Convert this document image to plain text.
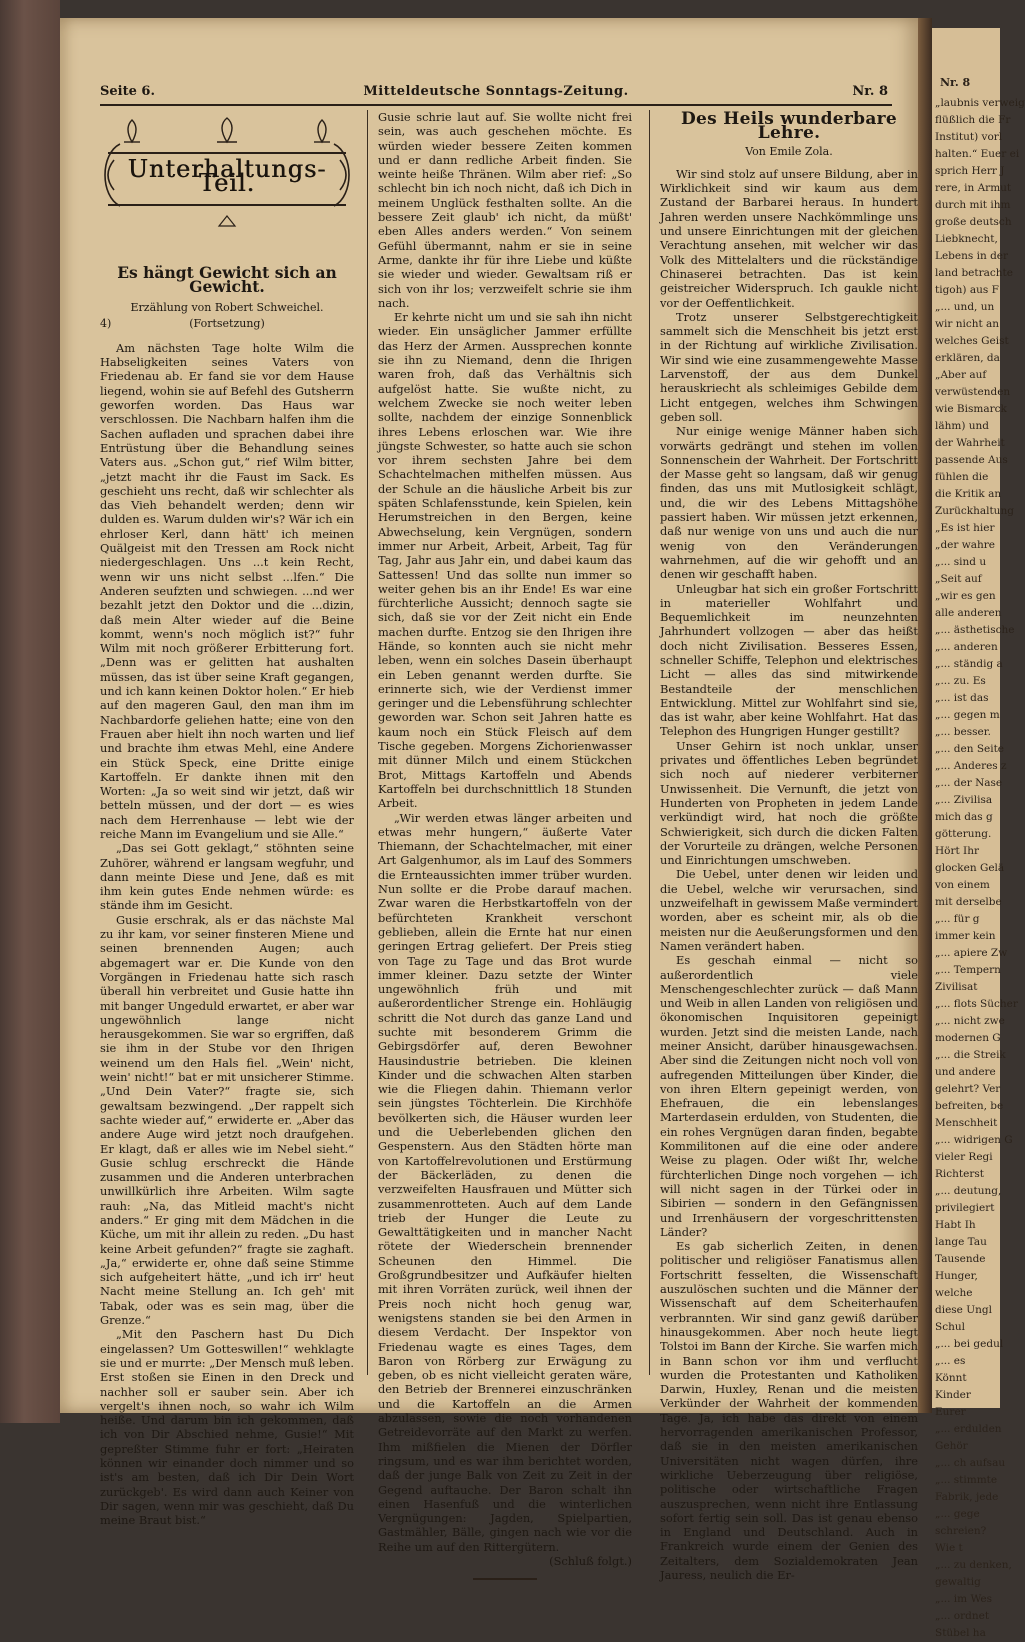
Seite 6.	Mitteldeutsche Sonntags-Zeitung.	Nr. 8
Unterhaltungs-Teil.
Es hängt Gewicht sich an Gewicht.
Erzählung von Robert Schweichel.
4)	(Fortsetzung)

Am nächsten Tage holte Wilm die Habseligkeiten seines Vaters von Friedenau ab. Er fand sie vor dem Hause liegend, wohin sie auf Befehl des Gutsherrn geworfen worden. Das Haus war verschlossen. Die Nachbarn halfen ihm die Sachen aufladen und sprachen dabei ihre Entrüstung über die Behandlung seines Vaters aus. „Schon gut,“ rief Wilm bitter, „jetzt macht ihr die Faust im Sack. Es geschieht uns recht, daß wir schlechter als das Vieh behandelt werden; denn wir dulden es. Warum dulden wir's? Wär ich ein ehrloser Kerl, dann hätt' ich meinen Quälgeist mit den Tressen am Rock nicht niedergeschlagen. Uns ...t kein Recht, wenn wir uns nicht selbst ...lfen.“ Die Anderen seufzten und schwiegen. ...nd wer bezahlt jetzt den Doktor und die ...dizin, daß mein Alter wieder auf die Beine kommt, wenn's noch möglich ist?“ fuhr Wilm mit noch größerer Erbitterung fort. „Denn was er gelitten hat aushalten müssen, das ist über seine Kraft gegangen, und ich kann keinen Doktor holen.“ Er hieb auf den mageren Gaul, den man ihm im Nachbardorfe geliehen hatte; eine von den Frauen aber hielt ihn noch warten und lief und brachte ihm etwas Mehl, eine Andere ein Stück Speck, eine Dritte einige Kartoffeln. Er dankte ihnen mit den Worten: „Ja so weit sind wir jetzt, daß wir betteln müssen, und der dort — es wies nach dem Herrenhause — lebt wie der reiche Mann im Evangelium und sie Alle.“

„Das sei Gott geklagt,“ stöhnten seine Zuhörer, während er langsam wegfuhr, und dann meinte Diese und Jene, daß es mit ihm kein gutes Ende nehmen würde: es stände ihm im Gesicht.

Gusie erschrak, als er das nächste Mal zu ihr kam, vor seiner finsteren Miene und seinen brennenden Augen; auch abgemagert war er. Die Kunde von den Vorgängen in Friedenau hatte sich rasch überall hin verbreitet und Gusie hatte ihn mit banger Ungeduld erwartet, er aber war ungewöhnlich lange nicht herausgekommen. Sie war so ergriffen, daß sie ihm in der Stube vor den Ihrigen weinend um den Hals fiel. „Wein' nicht, wein' nicht!“ bat er mit unsicherer Stimme. „Und Dein Vater?“ fragte sie, sich gewaltsam bezwingend. „Der rappelt sich sachte wieder auf,“ erwiderte er. „Aber das andere Auge wird jetzt noch draufgehen. Er klagt, daß er alles wie im Nebel sieht.“ Gusie schlug erschreckt die Hände zusammen und die Anderen unterbrachen unwillkürlich ihre Arbeiten. Wilm sagte rauh: „Na, das Mitleid macht's nicht anders.“ Er ging mit dem Mädchen in die Küche, um mit ihr allein zu reden. „Du hast keine Arbeit gefunden?“ fragte sie zaghaft. „Ja,“ erwiderte er, ohne daß seine Stimme sich aufgeheitert hätte, „und ich irr' heut Nacht meine Stellung an. Ich geh' mit Tabak, oder was es sein mag, über die Grenze.“

„Mit den Paschern hast Du Dich eingelassen? Um Gotteswillen!“ wehklagte sie und er murrte: „Der Mensch muß leben. Erst stoßen sie Einen in den Dreck und nachher soll er sauber sein. Aber ich vergelt's ihnen noch, so wahr ich Wilm heiße. Und darum bin ich gekommen, daß ich von Dir Abschied nehme, Gusie!“ Mit gepreßter Stimme fuhr er fort: „Heiraten können wir einander doch nimmer und so ist's am besten, daß ich Dir Dein Wort zurückgeb'. Es wird dann auch Keiner von Dir sagen, wenn mir was geschieht, daß Du meine Braut bist.“

Gusie schrie laut auf. Sie wollte nicht frei sein, was auch geschehen möchte. Es würden wieder bessere Zeiten kommen und er dann redliche Arbeit finden. Sie weinte heiße Thränen. Wilm aber rief: „So schlecht bin ich noch nicht, daß ich Dich in meinem Unglück festhalten sollte. An die bessere Zeit glaub' ich nicht, da müßt' eben Alles anders werden.“ Von seinem Gefühl übermannt, nahm er sie in seine Arme, dankte ihr für ihre Liebe und küßte sie wieder und wieder. Gewaltsam riß er sich von ihr los; verzweifelt schrie sie ihm nach.

Er kehrte nicht um und sie sah ihn nicht wieder. Ein unsäglicher Jammer erfüllte das Herz der Armen. Aussprechen konnte sie ihn zu Niemand, denn die Ihrigen waren froh, daß das Verhältnis sich aufgelöst hatte. Sie wußte nicht, zu welchem Zwecke sie noch weiter leben sollte, nachdem der einzige Sonnenblick ihres Lebens erloschen war. Wie ihre jüngste Schwester, so hatte auch sie schon vor ihrem sechsten Jahre bei dem Schachtelmachen mithelfen müssen. Aus der Schule an die häusliche Arbeit bis zur späten Schlafensstunde, kein Spielen, kein Herumstreichen in den Bergen, keine Abwechselung, kein Vergnügen, sondern immer nur Arbeit, Arbeit, Arbeit, Tag für Tag, Jahr aus Jahr ein, und dabei kaum das Sattessen! Und das sollte nun immer so weiter gehen bis an ihr Ende! Es war eine fürchterliche Aussicht; dennoch sagte sie sich, daß sie vor der Zeit nicht ein Ende machen durfte. Entzog sie den Ihrigen ihre Hände, so konnten auch sie nicht mehr leben, wenn ein solches Dasein überhaupt ein Leben genannt werden durfte. Sie erinnerte sich, wie der Verdienst immer geringer und die Lebensführung schlechter geworden war. Schon seit Jahren hatte es kaum noch ein Stück Fleisch auf dem Tische gegeben. Morgens Zichorienwasser mit dünner Milch und einem Stückchen Brot, Mittags Kartoffeln und Abends Kartoffeln bei durchschnittlich 18 Stunden Arbeit.

„Wir werden etwas länger arbeiten und etwas mehr hungern,“ äußerte Vater Thiemann, der Schachtelmacher, mit einer Art Galgenhumor, als im Lauf des Sommers die Ernteaussichten immer trüber wurden. Nun sollte er die Probe darauf machen. Zwar waren die Herbstkartoffeln von der befürchteten Krankheit verschont geblieben, allein die Ernte hat nur einen geringen Ertrag geliefert. Der Preis stieg von Tage zu Tage und das Brot wurde immer kleiner. Dazu setzte der Winter ungewöhnlich früh und mit außerordentlicher Strenge ein. Hohläugig schritt die Not durch das ganze Land und suchte mit besonderem Grimm die Gebirgsdörfer auf, deren Bewohner Hausindustrie betrieben. Die kleinen Kinder und die schwachen Alten starben wie die Fliegen dahin. Thiemann verlor sein jüngstes Töchterlein. Die Kirchhöfe bevölkerten sich, die Häuser wurden leer und die Ueberlebenden glichen den Gespenstern. Aus den Städten hörte man von Kartoffelrevolutionen und Erstürmung der Bäckerläden, zu denen die verzweifelten Hausfrauen und Mütter sich zusammenrotteten. Auch auf dem Lande trieb der Hunger die Leute zu Gewalttätigkeiten und in mancher Nacht rötete der Wiederschein brennender Scheunen den Himmel. Die Großgrundbesitzer und Aufkäufer hielten mit ihren Vorräten zurück, weil ihnen der Preis noch nicht hoch genug war, wenigstens standen sie bei den Armen in diesem Verdacht. Der Inspektor von Friedenau wagte es eines Tages, dem Baron von Rörberg zur Erwägung zu geben, ob es nicht vielleicht geraten wäre, den Betrieb der Brennerei einzuschränken und die Kartoffeln an die Armen abzulassen, sowie die noch vorhandenen Getreidevorräte auf den Markt zu werfen. Ihm mißfielen die Mienen der Dörfler ringsum, und es war ihm berichtet worden, daß der junge Balk von Zeit zu Zeit in der Gegend auftauche. Der Baron schalt ihn einen Hasenfuß und die winterlichen Vergnügungen: Jagden, Spielpartien, Gastmähler, Bälle, gingen nach wie vor die Reihe um auf den Rittergütern.

(Schluß folgt.)
Des Heils wunderbare Lehre.
Von Emile Zola.

Wir sind stolz auf unsere Bildung, aber in Wirklichkeit sind wir kaum aus dem Zustand der Barbarei heraus. In hundert Jahren werden unsere Nachkömmlinge uns und unsere Einrichtungen mit der gleichen Verachtung ansehen, mit welcher wir das Volk des Mittelalters und die rückständige Chinaserei betrachten. Das ist kein geistreicher Widerspruch. Ich gaukle nicht vor der Oeffentlichkeit.

Trotz unserer Selbstgerechtigkeit sammelt sich die Menschheit bis jetzt erst in der Richtung auf wirkliche Zivilisation. Wir sind wie eine zusammengewehte Masse Larvenstoff, der aus dem Dunkel herauskriecht als schleimiges Gebilde dem Licht entgegen, welches ihm Schwingen geben soll.

Nur einige wenige Männer haben sich vorwärts gedrängt und stehen im vollen Sonnenschein der Wahrheit. Der Fortschritt der Masse geht so langsam, daß wir genug finden, das uns mit Mutlosigkeit schlägt, und, die wir des Lebens Mittagshöhe passiert haben. Wir müssen jetzt erkennen, daß nur wenige von uns und auch die nur wenig von den Veränderungen wahrnehmen, auf die wir gehofft und an denen wir geschafft haben.

Unleugbar hat sich ein großer Fortschritt in materieller Wohlfahrt und Bequemlichkeit im neunzehnten Jahrhundert vollzogen — aber das heißt doch nicht Zivilisation. Besseres Essen, schneller Schiffe, Telephon und elektrisches Licht — alles das sind mitwirkende Bestandteile der menschlichen Entwicklung. Mittel zur Wohlfahrt sind sie, das ist wahr, aber keine Wohlfahrt. Hat das Telephon des Hungrigen Hunger gestillt?

Unser Gehirn ist noch unklar, unser privates und öffentliches Leben begründet sich noch auf niederer verbiterner Unwissenheit. Die Vernunft, die jetzt von Hunderten von Propheten in jedem Lande verkündigt wird, hat noch die größte Schwierigkeit, sich durch die dicken Falten der Vorurteile zu drängen, welche Personen und Einrichtungen umschweben.

Die Uebel, unter denen wir leiden und die Uebel, welche wir verursachen, sind unzweifelhaft in gewissem Maße vermindert worden, aber es scheint mir, als ob die meisten nur die Aeußerungsformen und den Namen verändert haben.

Es geschah einmal — nicht so außerordentlich viele Menschengeschlechter zurück — daß Mann und Weib in allen Landen von religiösen und ökonomischen Inquisitoren gepeinigt wurden. Jetzt sind die meisten Lande, nach meiner Ansicht, darüber hinausgewachsen. Aber sind die Zeitungen nicht noch voll von aufregenden Mitteilungen über Kinder, die von ihren Eltern gepeinigt werden, von Ehefrauen, die ein lebenslanges Marterdasein erdulden, von Studenten, die ein rohes Vergnügen daran finden, begabte Kommilitonen auf die eine oder andere Weise zu plagen. Oder wißt Ihr, welche fürchterlichen Dinge noch vorgehen — ich will nicht sagen in der Türkei oder in Sibirien — sondern in den Gefängnissen und Irrenhäusern der vorgeschrittensten Länder?

Es gab sicherlich Zeiten, in denen politischer und religiöser Fanatismus allen Fortschritt fesselten, die Wissenschaft auszulöschen suchten und die Männer der Wissenschaft auf dem Scheiterhaufen verbrannten. Wir sind ganz gewiß darüber hinausgekommen. Aber noch heute liegt Tolstoi im Bann der Kirche. Sie warfen mich in Bann schon vor ihm und verflucht wurden die Protestanten und Katholiken Darwin, Huxley, Renan und die meisten Verkünder der Wahrheit der kommenden Tage. Ja, ich habe das direkt von einem hervorragenden amerikanischen Professor, daß sie in den meisten amerikanischen Universitäten nicht wagen dürfen, ihre wirkliche Ueberzeugung über religiöse, politische oder wirtschaftliche Fragen auszusprechen, wenn nicht ihre Entlassung sofort fertig sein soll. Das ist genau ebenso in England und Deutschland. Auch in Frankreich wurde einem der Genien des Zeitalters, dem Sozialdemokraten Jean Jauress, neulich die Er-

Nr. 8
„laubnis verweig
flüßlich die Fr
Institut) vorl
halten.“ Euer ei
sprich Herr J
rere, in Armut
durch mit ihm
große deutsch
Liebknecht,
Lebens in der
land betrachte
tigoh) aus F
„... und, un
wir nicht an
welches Geist
erklären, da
„Aber auf
verwüstenden
wie Bismarck
lähm) und
der Wahrheit
passende Aus
fühlen die
die Kritik an
Zurückhaltung
„Es ist hier
„der wahre
„... sind u
„Seit auf
„wir es gen
alle anderen
„... ästhetische
„... anderen
„... ständig a
„... zu. Es
„... ist das
„... gegen m
„... besser.
„... den Seite
„... Anderes z
„... der Nase
„... Zivilisa
mich das g
götterung.
Hört Ihr
glocken Gelä
von einem
mit derselbe
„... für g
immer kein
„... apiere Zw
„... Tempern
Zivilisat
„... flots Sücher
„... nicht zwe
modernen G
„... die Streik
und andere
gelehrt? Ver
befreiten, be
Menschheit
„... widrigen G
vieler Regi
Richterst
„... deutung,
privilegiert
Habt Ih
lange Tau
Tausende
Hunger,
welche
diese Ungl
Schul
„... bei gedul
„... es
Könnt
Kinder
Eurer
„... erdulden
Gehör
„... ch aufsau
„... stimmte
Fabrik, jede
„... gege
schreien?
Wie t
„... zu denken,
gewaltig
„... im Wes
„... ordnet
Stübel ha
